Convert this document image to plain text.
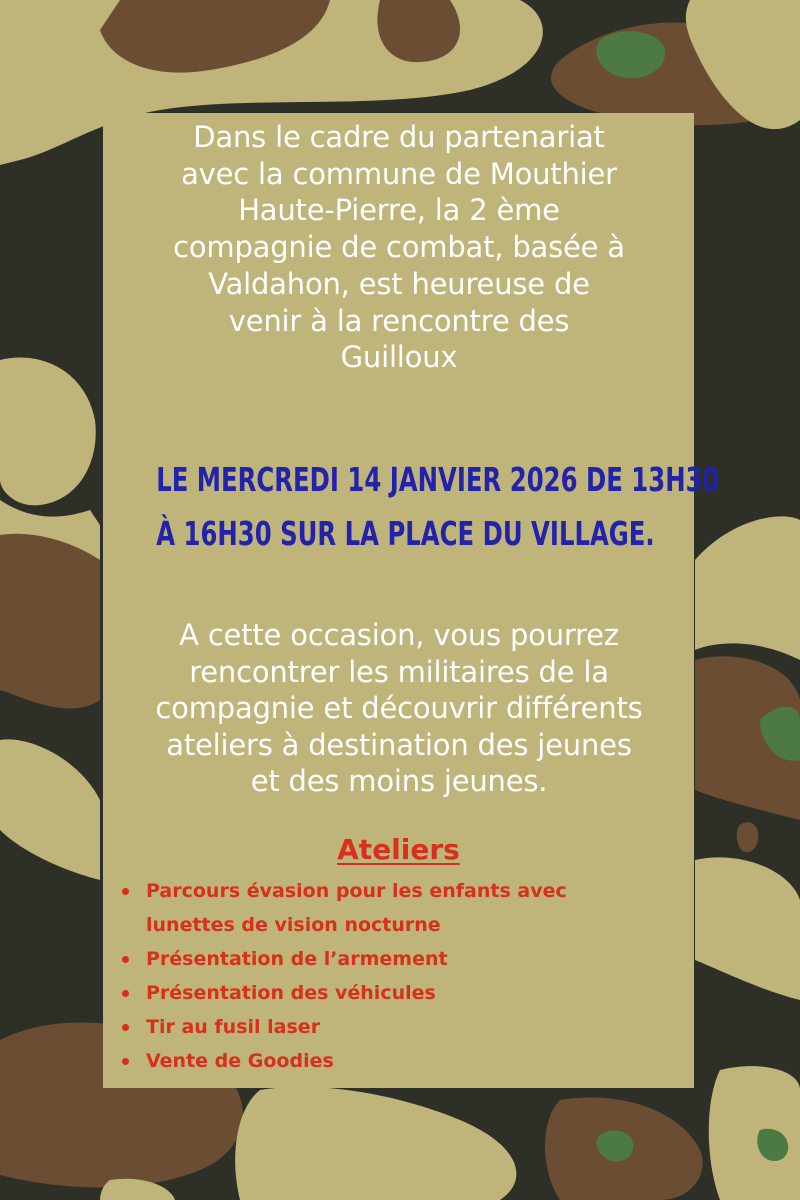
Dans le cadre du partenariat
avec la commune de Mouthier
Haute-Pierre, la 2 ème
compagnie de combat, basée à
Valdahon, est heureuse de
venir à la rencontre des
Guilloux

LE MERCREDI 14 JANVIER 2026 DE 13H30
À 16H30 SUR LA PLACE DU VILLAGE.

A cette occasion, vous pourrez
rencontrer les militaires de la
compagnie et découvrir différents
ateliers à destination des jeunes
et des moins jeunes.

Ateliers
Parcours évasion pour les enfants avec
lunettes de vision nocturne
Présentation de l’armement
Présentation des véhicules
Tir au fusil laser
Vente de Goodies
